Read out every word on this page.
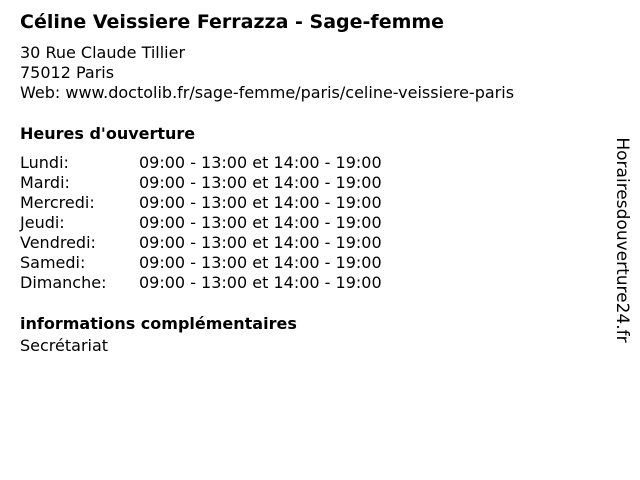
Céline Veissiere Ferrazza - Sage-femme
30 Rue Claude Tillier
75012 Paris
Web: www.doctolib.fr/sage-femme/paris/celine-veissiere-paris
Heures d'ouverture
Lundi:	09:00 - 13:00 et 14:00 - 19:00
Mardi:	09:00 - 13:00 et 14:00 - 19:00
Mercredi:	09:00 - 13:00 et 14:00 - 19:00
Jeudi:	09:00 - 13:00 et 14:00 - 19:00
Vendredi:	09:00 - 13:00 et 14:00 - 19:00
Samedi:	09:00 - 13:00 et 14:00 - 19:00
Dimanche:	09:00 - 13:00 et 14:00 - 19:00
informations complémentaires
Secrétariat
Horairesdouverture24.fr
